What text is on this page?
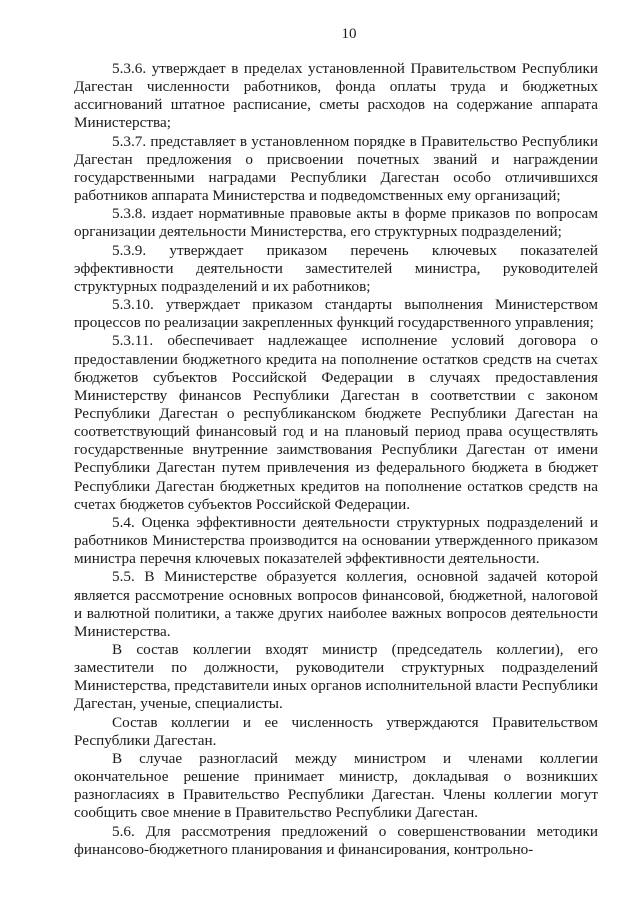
10

5.3.6. утверждает в пределах установленной Правительством Республики Дагестан численности работников, фонда оплаты труда и бюджетных ассигнований штатное расписание, сметы расходов на содержание аппарата Министерства;

5.3.7. представляет в установленном порядке в Правительство Республики Дагестан предложения о присвоении почетных званий и награждении государственными наградами Республики Дагестан особо отличившихся работников аппарата Министерства и подведомственных ему организаций;

5.3.8. издает нормативные правовые акты в форме приказов по вопросам организации деятельности Министерства, его структурных подразделений;

5.3.9. утверждает приказом перечень ключевых показателей эффективности деятельности заместителей министра, руководителей структурных подразделений и их работников;

5.3.10. утверждает приказом стандарты выполнения Министерством процессов по реализации закрепленных функций государственного управления;

5.3.11. обеспечивает надлежащее исполнение условий договора о предоставлении бюджетного кредита на пополнение остатков средств на счетах бюджетов субъектов Российской Федерации в случаях предоставления Министерству финансов Республики Дагестан в соответствии с законом Республики Дагестан о республиканском бюджете Республики Дагестан на соответствующий финансовый год и на плановый период права осуществлять государственные внутренние заимствования Республики Дагестан от имени Республики Дагестан путем привлечения из федерального бюджета в бюджет Республики Дагестан бюджетных кредитов на пополнение остатков средств на счетах бюджетов субъектов Российской Федерации.

5.4. Оценка эффективности деятельности структурных подразделений и работников Министерства производится на основании утвержденного приказом министра перечня ключевых показателей эффективности деятельности.

5.5. В Министерстве образуется коллегия, основной задачей которой является рассмотрение основных вопросов финансовой, бюджетной, налоговой и валютной политики, а также других наиболее важных вопросов деятельности Министерства.

В состав коллегии входят министр (председатель коллегии), его заместители по должности, руководители структурных подразделений Министерства, представители иных органов исполнительной власти Республики Дагестан, ученые, специалисты.

Состав коллегии и ее численность утверждаются Правительством Республики Дагестан.

В случае разногласий между министром и членами коллегии окончательное решение принимает министр, докладывая о возникших разногласиях в Правительство Республики Дагестан. Члены коллегии могут сообщить свое мнение в Правительство Республики Дагестан.

5.6. Для рассмотрения предложений о совершенствовании методики финансово-бюджетного планирования и финансирования, контрольно-
